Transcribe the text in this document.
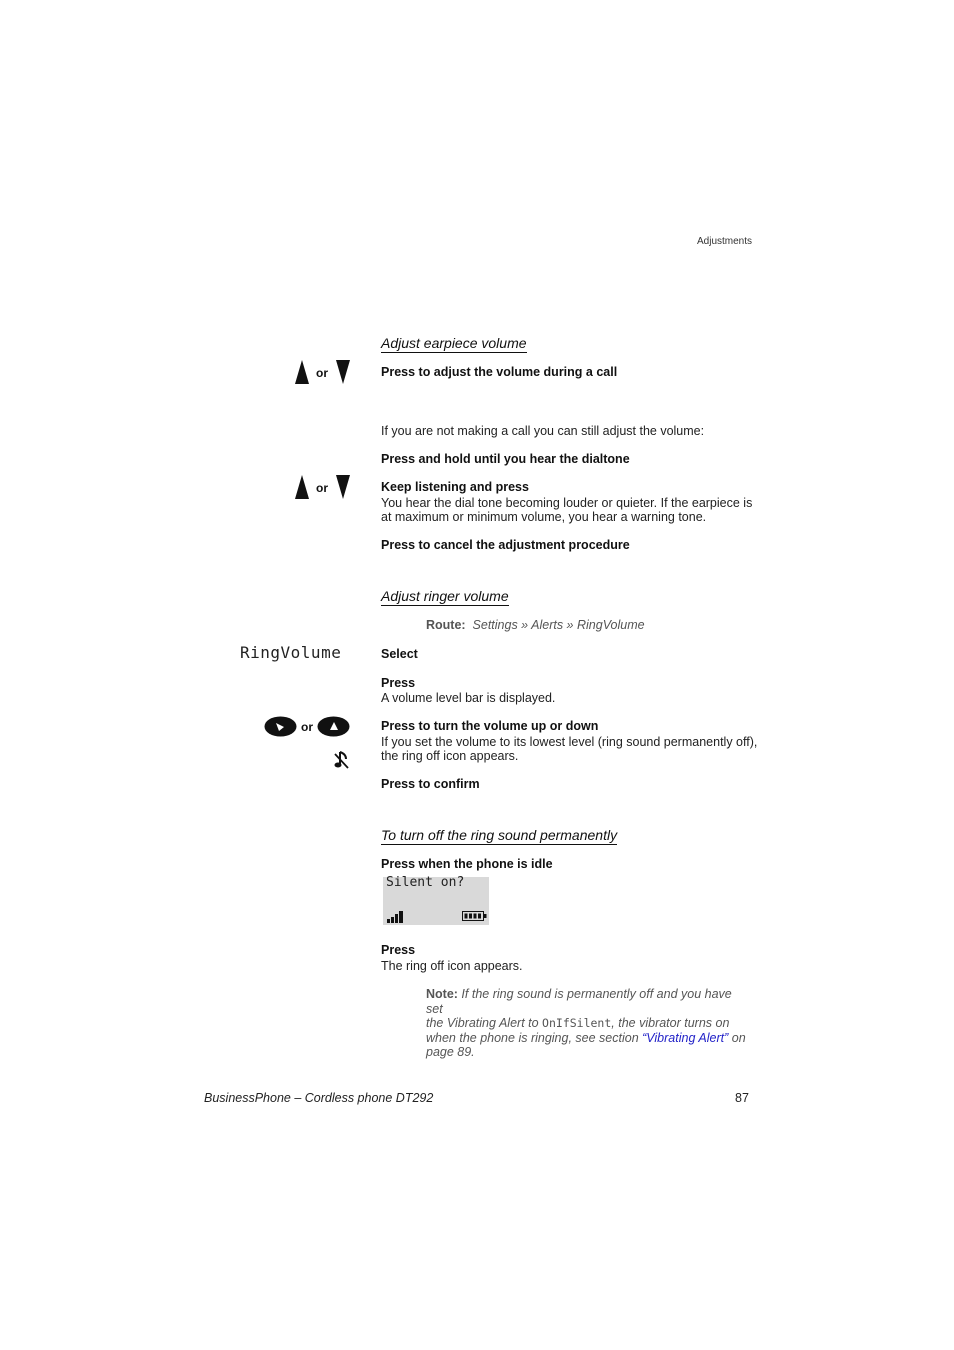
Adjustments
Adjust earpiece volume
or	Press to adjust the volume during a call
If you are not making a call you can still adjust the volume:
Press and hold until you hear the dialtone
or	Keep listening and press
You hear the dial tone becoming louder or quieter. If the earpiece is
at maximum or minimum volume, you hear a warning tone.
Press to cancel the adjustment procedure
Adjust ringer volume
Route: Settings » Alerts » RingVolume
RingVolume	Select
Press
A volume level bar is displayed.
or	Press to turn the volume up or down
If you set the volume to its lowest level (ring sound permanently off),
the ring off icon appears.
Press to confirm
To turn off the ring sound permanently
Press when the phone is idle
Silent on?
Press
The ring off icon appears.
Note: If the ring sound is permanently off and you have set
the Vibrating Alert to OnIfSilent, the vibrator turns on
when the phone is ringing, see section “Vibrating Alert” on
page 89.
BusinessPhone – Cordless phone DT292	87
